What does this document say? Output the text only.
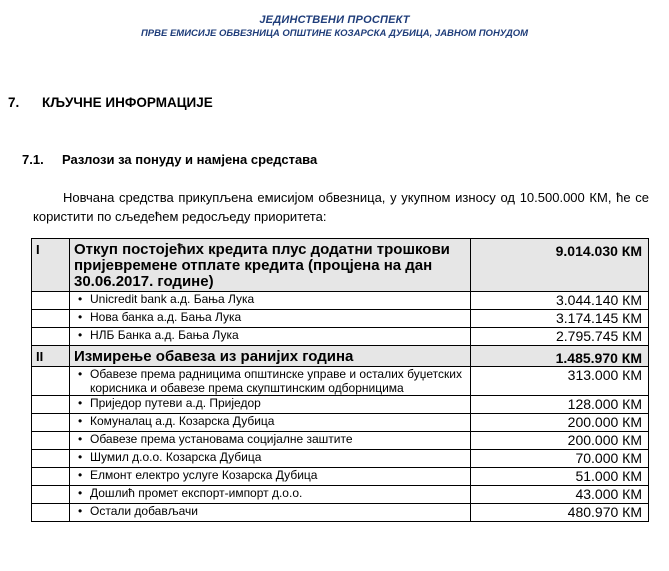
ЈЕДИНСТВЕНИ ПРОСПЕКТ
ПРВЕ ЕМИСИЈЕ ОБВЕЗНИЦА ОПШТИНЕ КОЗАРСКА ДУБИЦА, ЈАВНОМ ПОНУДОМ
7. КЉУЧНЕ ИНФОРМАЦИЈЕ
7.1. Разлози за понуду и намјена средстава
Новчана средства прикупљена емисијом обвезница, у укупном износу од 10.500.000 КМ, ће се користити по сљедећем редосљеду приоритета:
I	Откуп постојећих кредита плус додатни трошкови пријевремене отплате кредита (процјена на дан 30.06.2017. године)	9.014.030 КМ

	• Unicredit bank а.д. Бања Лука	3.044.140 КМ

	• Нова банка а.д. Бања Лука	3.174.145 КМ

	• НЛБ Банка а.д. Бања Лука	2.795.745 КМ
II	Измирење обавеза из ранијих година	1.485.970 КМ

	• Обавезе према радницима општинске управе и осталих буџетских корисника и обавезе према скупштинским одборницима	313.000 КМ

	• Приједор путеви а.д. Приједор	128.000 КМ

	• Комуналац а.д. Козарска Дубица	200.000 КМ

	• Обавезе према установама социјалне заштите	200.000 КМ

	• Шумил д.о.о. Козарска Дубица	70.000 КМ

	• Елмонт електро услуге Козарска Дубица	51.000 КМ

	• Дошлић промет експорт-импорт д.о.о.	43.000 КМ

	• Остали добављачи	480.970 КМ
